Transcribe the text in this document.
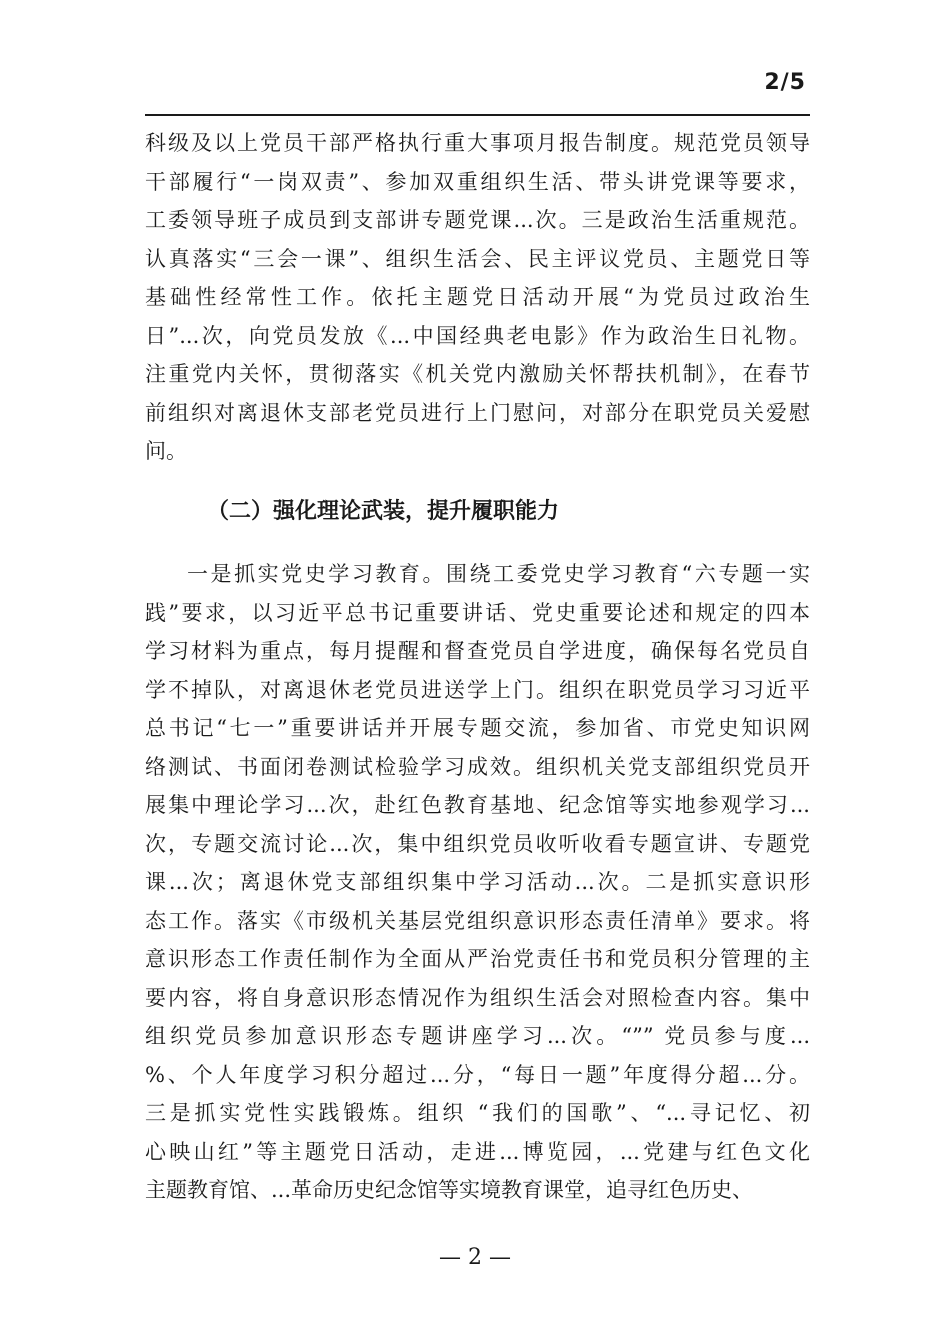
2/5
科级及以上党员干部严格执行重大事项月报告制度。规范党员领导
干部履行“一岗双责”、参加双重组织生活、带头讲党课等要求，
工委领导班子成员到支部讲专题党课...次。三是政治生活重规范。
认真落实“三会一课”、组织生活会、民主评议党员、主题党日等
基础性经常性工作。依托主题党日活动开展“为党员过政治生
日”...次，向党员发放《...中国经典老电影》作为政治生日礼物。
注重党内关怀，贯彻落实《机关党内激励关怀帮扶机制》，在春节
前组织对离退休支部老党员进行上门慰问，对部分在职党员关爱慰
问。
（二）强化理论武装，提升履职能力
一是抓实党史学习教育。围绕工委党史学习教育“六专题一实
践”要求，以习近平总书记重要讲话、党史重要论述和规定的四本
学习材料为重点，每月提醒和督查党员自学进度，确保每名党员自
学不掉队，对离退休老党员进送学上门。组织在职党员学习习近平
总书记“七一”重要讲话并开展专题交流，参加省、市党史知识网
络测试、书面闭卷测试检验学习成效。组织机关党支部组织党员开
展集中理论学习...次，赴红色教育基地、纪念馆等实地参观学习...
次，专题交流讨论...次，集中组织党员收听收看专题宣讲、专题党
课...次；离退休党支部组织集中学习活动...次。二是抓实意识形
态工作。落实《市级机关基层党组织意识形态责任清单》要求。将
意识形态工作责任制作为全面从严治党责任书和党员积分管理的主
要内容，将自身意识形态情况作为组织生活会对照检查内容。集中
组织党员参加意识形态专题讲座学习...次。“”” 党员参与度...
%、个人年度学习积分超过...分，“每日一题”年度得分超...分。
三是抓实党性实践锻炼。组织 “我们的国歌”、“...寻记忆、初
心映山红”等主题党日活动，走进...博览园，...党建与红色文化
主题教育馆、...革命历史纪念馆等实境教育课堂，追寻红色历史、
— 2 —
